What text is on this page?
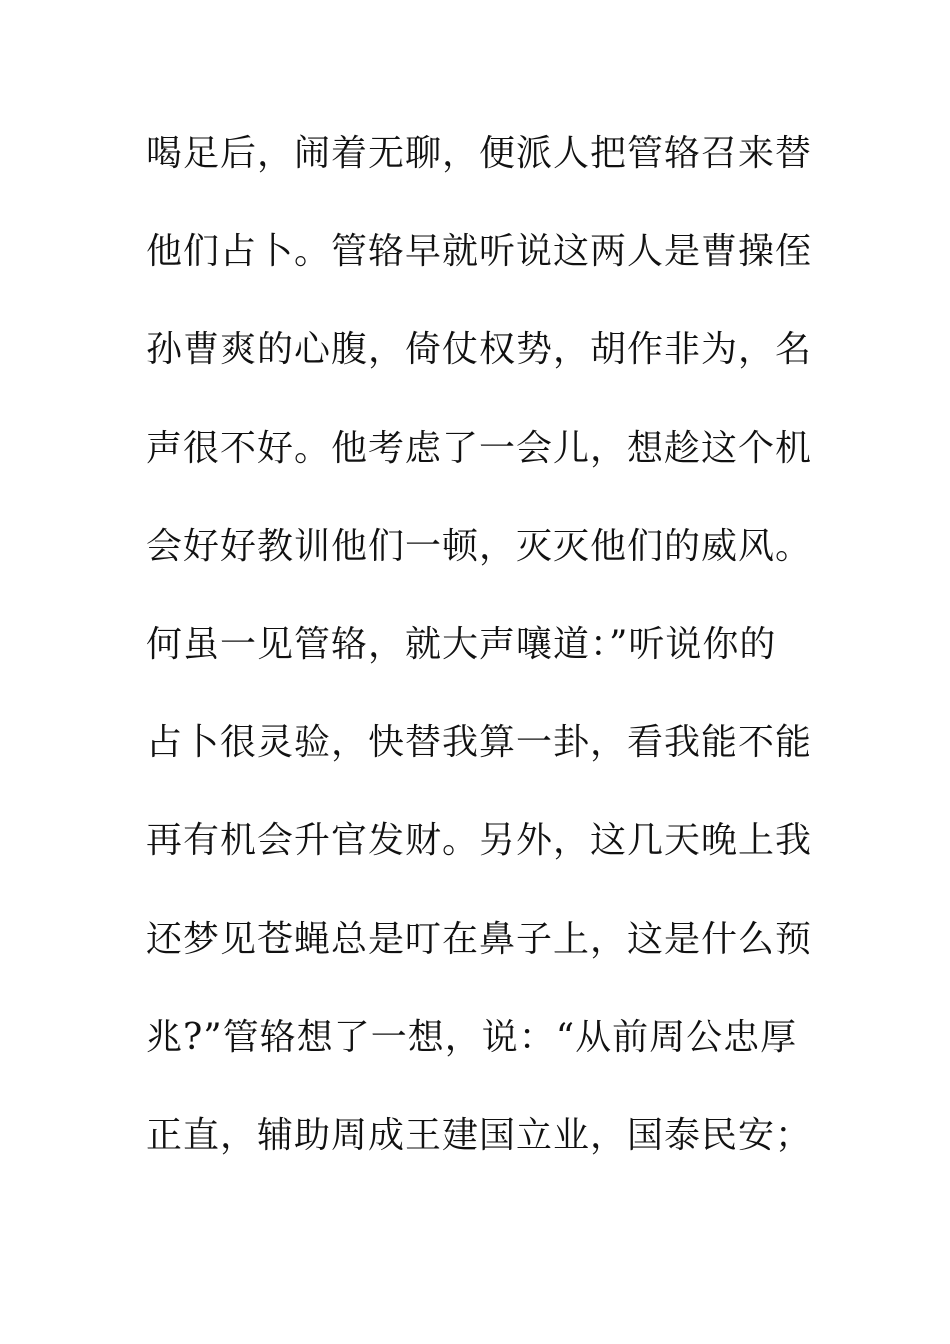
喝足后，闹着无聊，便派人把管辂召来替
他们占卜。管辂早就听说这两人是曹操侄
孙曹爽的心腹，倚仗权势，胡作非为，名
声很不好。他考虑了一会儿，想趁这个机
会好好教训他们一顿，灭灭他们的威风。
何虽一见管辂，就大声嚷道：”听说你的
占卜很灵验，快替我算一卦，看我能不能
再有机会升官发财。另外，这几天晚上我
还梦见苍蝇总是叮在鼻子上，这是什么预
兆?”管辂想了一想，说：“从前周公忠厚
正直，辅助周成王建国立业，国泰民安；
